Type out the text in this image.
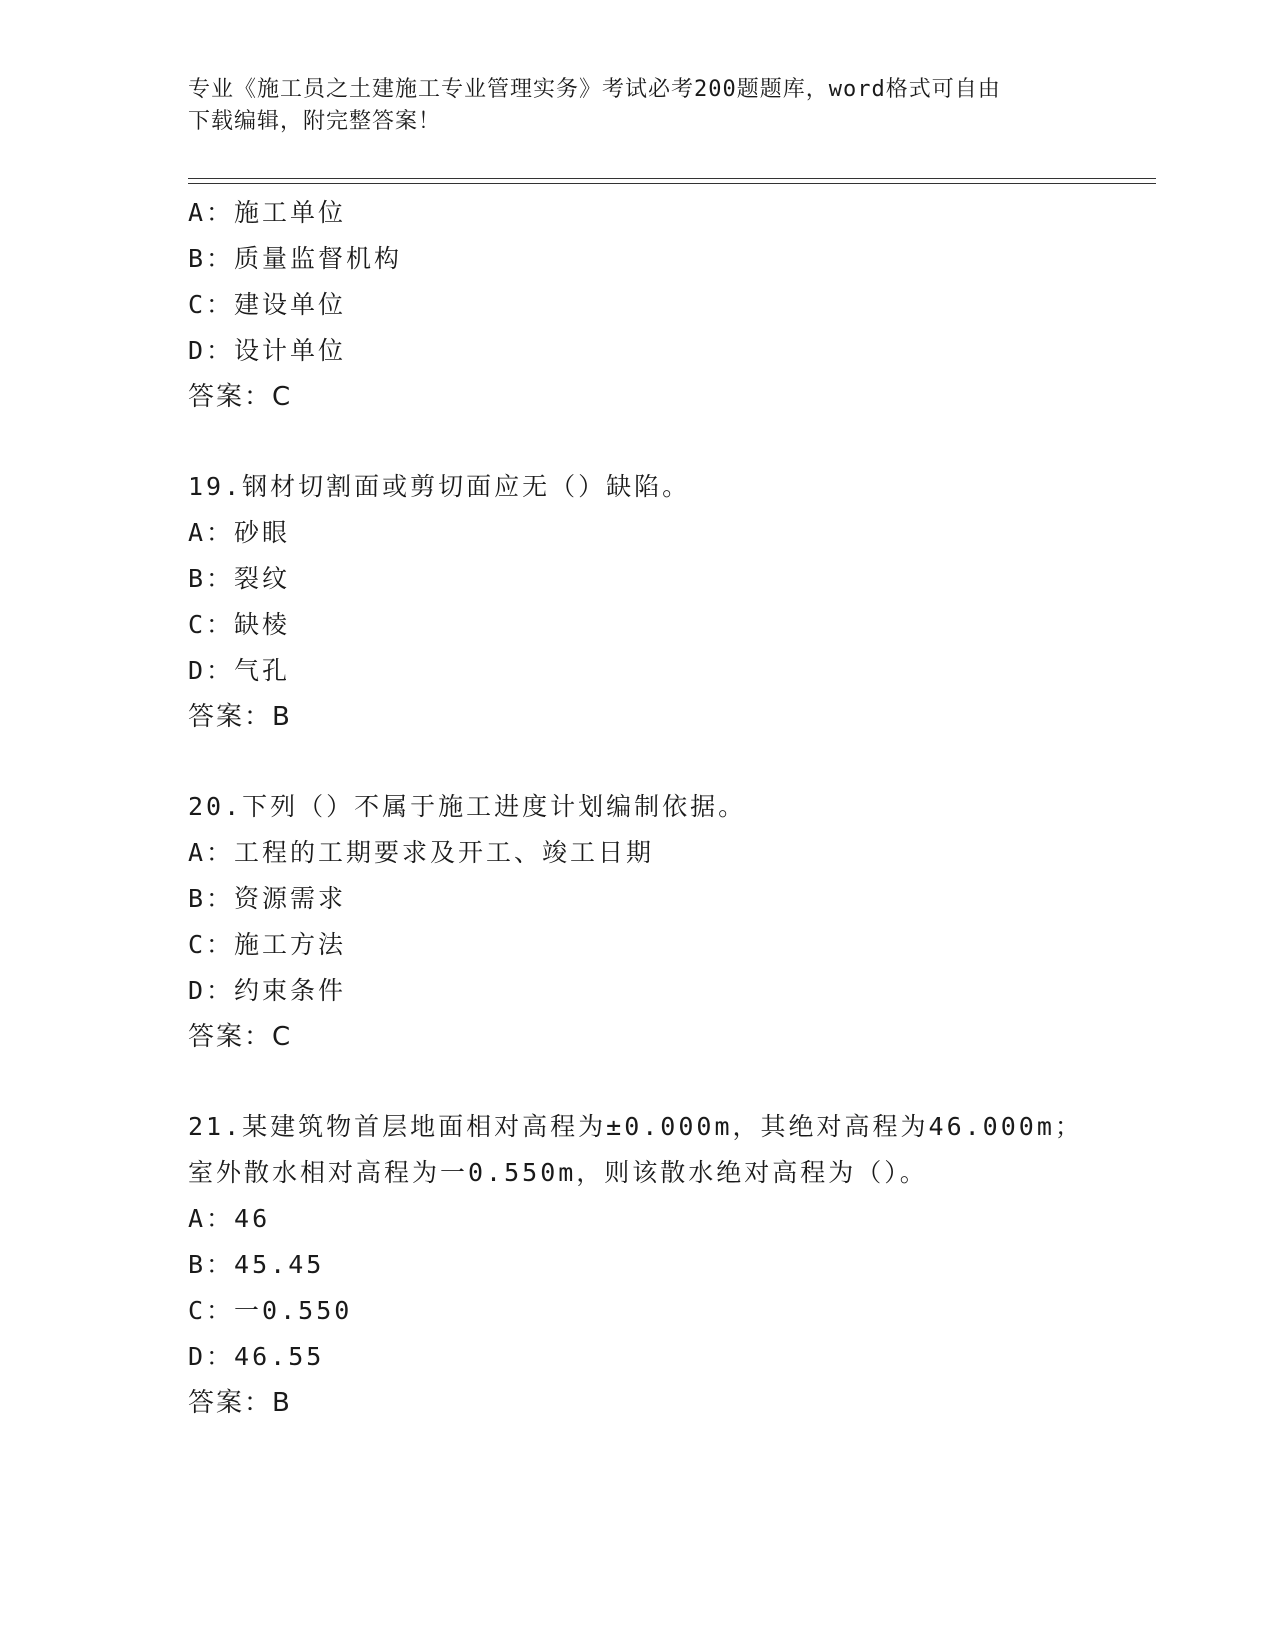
专业《施工员之土建施工专业管理实务》考试必考200题题库，word格式可自由
下载编辑，附完整答案！
A：施工单位
B：质量监督机构
C：建设单位
D：设计单位
答案：C
19.钢材切割面或剪切面应无（）缺陷。
A：砂眼
B：裂纹
C：缺棱
D：气孔
答案：B
20.下列（）不属于施工进度计划编制依据。
A：工程的工期要求及开工、竣工日期
B：资源需求
C：施工方法
D：约束条件
答案：C
21.某建筑物首层地面相对高程为±0.000m，其绝对高程为46.000m；
室外散水相对高程为一0.550m，则该散水绝对高程为（）。
A：46
B：45.45
C：一0.550
D：46.55
答案：B
